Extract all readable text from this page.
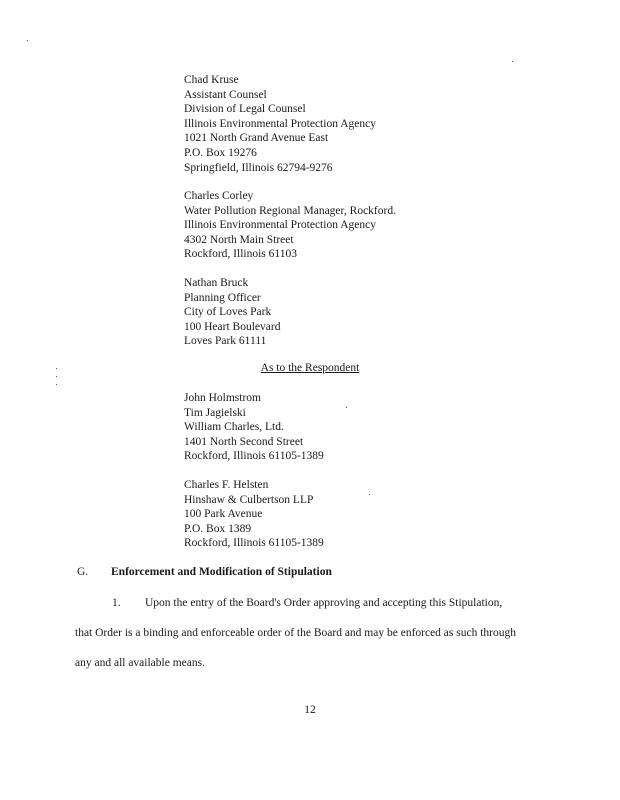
Chad Kruse
Assistant Counsel
Division of Legal Counsel
Illinois Environmental Protection Agency
1021 North Grand Avenue East
P.O. Box 19276
Springfield, Illinois 62794-9276
Charles Corley
Water Pollution Regional Manager, Rockford.
Illinois Environmental Protection Agency
4302 North Main Street
Rockford, Illinois 61103
Nathan Bruck
Planning Officer
City of Loves Park
100 Heart Boulevard
Loves Park 61111
As to the Respondent
John Holmstrom
Tim Jagielski
William Charles, Ltd.
1401 North Second Street
Rockford, Illinois 61105-1389
Charles F. Helsten
Hinshaw & Culbertson LLP
100 Park Avenue
P.O. Box 1389
Rockford, Illinois 61105-1389
G. Enforcement and Modification of Stipulation
1. Upon the entry of the Board's Order approving and accepting this Stipulation,
that Order is a binding and enforceable order of the Board and may be enforced as such through
any and all available means.
12
